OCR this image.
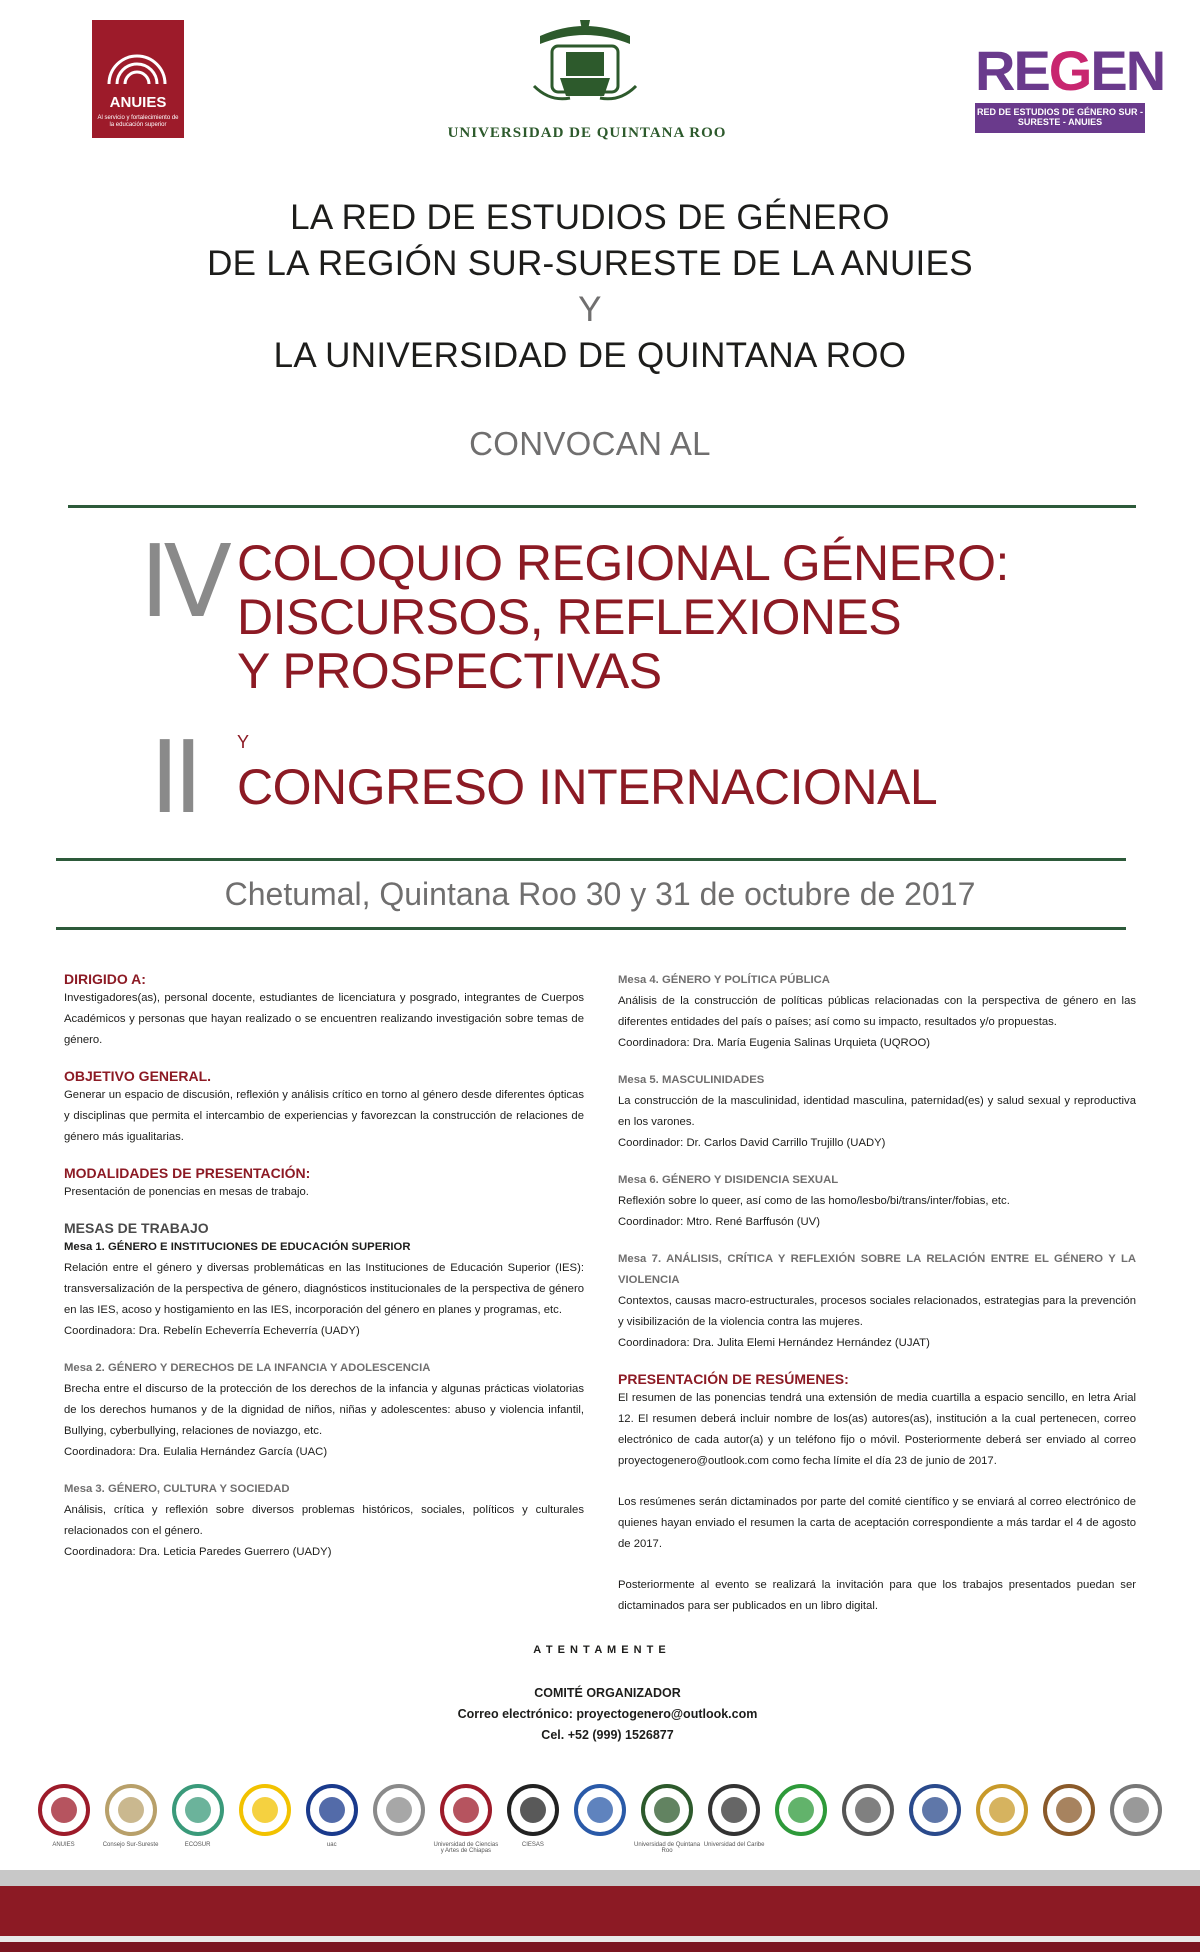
ANUIES
Al servicio y fortalecimiento de la educación superior	UNIVERSIDAD DE QUINTANA ROO
REGEN
RED DE ESTUDIOS DE GÉNERO SUR - SURESTE - ANUIES
LA RED DE ESTUDIOS DE GÉNERO
DE LA REGIÓN SUR-SURESTE DE LA ANUIES
Y
LA UNIVERSIDAD DE QUINTANA ROO
CONVOCAN AL
IV COLOQUIO REGIONAL GÉNERO:
DISCURSOS, REFLEXIONES
Y PROSPECTIVAS
II Y
CONGRESO INTERNACIONAL
Chetumal, Quintana Roo 30 y 31 de octubre de 2017
DIRIGIDO A:
Investigadores(as), personal docente, estudiantes de licenciatura y posgrado, integrantes de Cuerpos Académicos y personas que hayan realizado o se encuentren realizando investigación sobre temas de género.
OBJETIVO GENERAL.
Generar un espacio de discusión, reflexión y análisis crítico en torno al género desde diferentes ópticas y disciplinas que permita el intercambio de experiencias y favorezcan la construcción de relaciones de género más igualitarias.
MODALIDADES DE PRESENTACIÓN:
Presentación de ponencias en mesas de trabajo.
MESAS DE TRABAJO
Mesa 1. GÉNERO E INSTITUCIONES DE EDUCACIÓN SUPERIOR
Relación entre el género y diversas problemáticas en las Instituciones de Educación Superior (IES): transversalización de la perspectiva de género, diagnósticos institucionales de la perspectiva de género en las IES, acoso y hostigamiento en las IES, incorporación del género en planes y programas, etc.
Coordinadora: Dra. Rebelín Echeverría Echeverría (UADY)
Mesa 2. GÉNERO Y DERECHOS DE LA INFANCIA Y ADOLESCENCIA
Brecha entre el discurso de la protección de los derechos de la infancia y algunas prácticas violatorias de los derechos humanos y de la dignidad de niños, niñas y adolescentes: abuso y violencia infantil, Bullying, cyberbullying, relaciones de noviazgo, etc.
Coordinadora: Dra. Eulalia Hernández García (UAC)
Mesa 3. GÉNERO, CULTURA Y SOCIEDAD
Análisis, crítica y reflexión sobre diversos problemas históricos, sociales, políticos y culturales relacionados con el género.
Coordinadora: Dra. Leticia Paredes Guerrero (UADY)
Mesa 4. GÉNERO Y POLÍTICA PÚBLICA
Análisis de la construcción de políticas públicas relacionadas con la perspectiva de género en las diferentes entidades del país o países; así como su impacto, resultados y/o propuestas.
Coordinadora: Dra. María Eugenia Salinas Urquieta (UQROO)
Mesa 5. MASCULINIDADES
La construcción de la masculinidad, identidad masculina, paternidad(es) y salud sexual y reproductiva en los varones.
Coordinador: Dr. Carlos David Carrillo Trujillo (UADY)
Mesa 6. GÉNERO Y DISIDENCIA SEXUAL
Reflexión sobre lo queer, así como de las homo/lesbo/bi/trans/inter/fobias, etc.
Coordinador: Mtro. René Barffusón (UV)
Mesa 7. ANÁLISIS, CRÍTICA Y REFLEXIÓN SOBRE LA RELACIÓN ENTRE EL GÉNERO Y LA VIOLENCIA
Contextos, causas macro-estructurales, procesos sociales relacionados, estrategias para la prevención y visibilización de la violencia contra las mujeres.
Coordinadora: Dra. Julita Elemi Hernández Hernández (UJAT)
PRESENTACIÓN DE RESÚMENES:
El resumen de las ponencias tendrá una extensión de media cuartilla a espacio sencillo, en letra Arial 12. El resumen deberá incluir nombre de los(as) autores(as), institución a la cual pertenecen, correo electrónico de cada autor(a) y un teléfono fijo o móvil. Posteriormente deberá ser enviado al correo proyectogenero@outlook.com como fecha límite el día 23 de junio de 2017.
Los resúmenes serán dictaminados por parte del comité científico y se enviará al correo electrónico de quienes hayan enviado el resumen la carta de aceptación correspondiente a más tardar el 4 de agosto de 2017.
Posteriormente al evento se realizará la invitación para que los trabajos presentados puedan ser dictaminados para ser publicados en un libro digital.
A T E N T A M E N T E
COMITÉ ORGANIZADOR
Correo electrónico: proyectogenero@outlook.com
Cel. +52 (999) 1526877
ANUIES	Consejo Sur-Sureste	ECOSUR	uac	Universidad de Ciencias y Artes de Chiapas
CIESAS	Universidad de Quintana Roo
Universidad del Caribe
